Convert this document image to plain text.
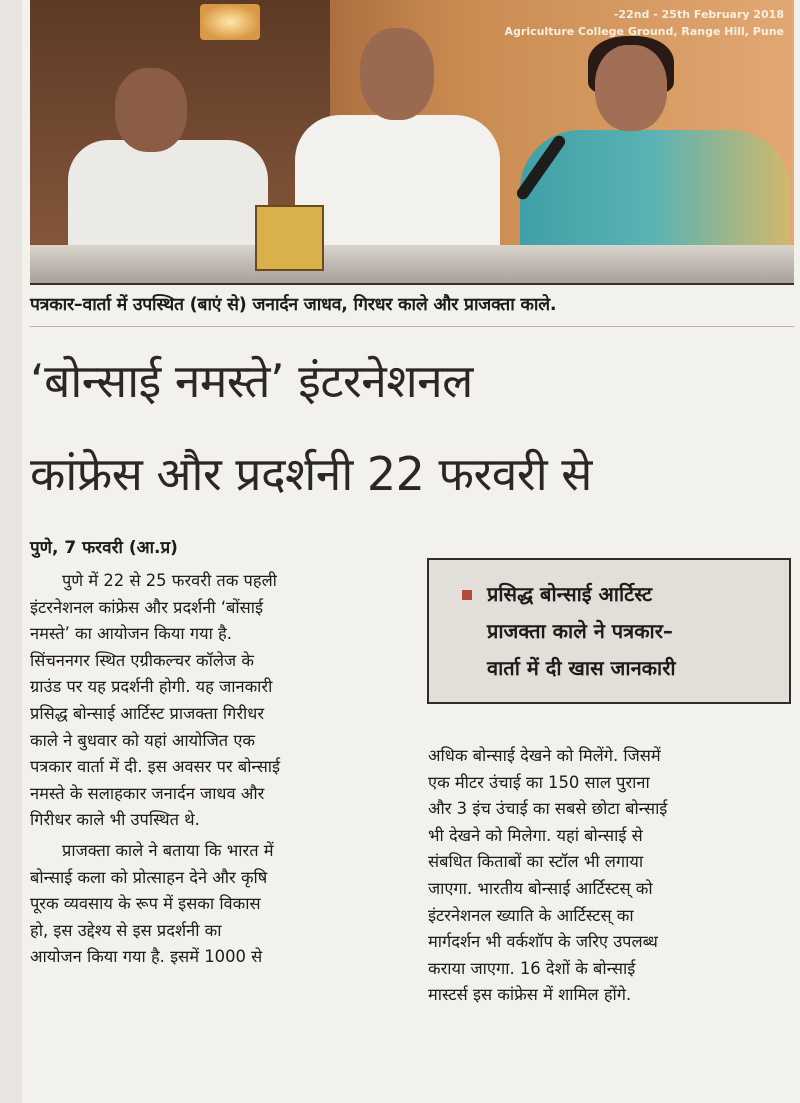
-22nd - 25th February 2018
Agriculture College Ground, Range Hill, Pune
पत्रकार–वार्ता में उपस्थित (बाएं से) जनार्दन जाधव, गिरधर काले और प्राजक्ता काले.
‘बोन्साई नमस्ते’ इंटरनेशनल
कांफ्रेस और प्रदर्शनी 22 फरवरी से
पुणे, 7 फरवरी (आ.प्र)
पुणे में 22 से 25 फरवरी तक पहली
इंटरनेशनल कांफ्रेस और प्रदर्शनी ‘बोंसाई
नमस्ते’ का आयोजन किया गया है.
सिंचननगर स्थित एग्रीकल्चर कॉलेज के
ग्राउंड पर यह प्रदर्शनी होगी. यह जानकारी
प्रसिद्ध बोन्साई आर्टिस्ट प्राजक्ता गिरीधर
काले ने बुधवार को यहां आयोजित एक
पत्रकार वार्ता में दी. इस अवसर पर बोन्साई
नमस्ते के सलाहकार जनार्दन जाधव और
गिरीधर काले भी उपस्थित थे.
प्राजक्ता काले ने बताया कि भारत में
बोन्साई कला को प्रोत्साहन देने और कृषि
पूरक व्यवसाय के रूप में इसका विकास
हो, इस उद्देश्य से इस प्रदर्शनी का
आयोजन किया गया है. इसमें 1000 से
प्रसिद्ध बोन्साई आर्टिस्ट
प्राजक्ता काले ने पत्रकार–
वार्ता में दी खास जानकारी
अधिक बोन्साई देखने को मिलेंगे. जिसमें
एक मीटर उंचाई का 150 साल पुराना
और 3 इंच उंचाई का सबसे छोटा बोन्साई
भी देखने को मिलेगा. यहां बोन्साई से
संबधित किताबों का स्टॉल भी लगाया
जाएगा. भारतीय बोन्साई आर्टिस्टस् को
इंटरनेशनल ख्याति के आर्टिस्टस् का
मार्गदर्शन भी वर्कशॉप के जरिए उपलब्ध
कराया जाएगा. 16 देशों के बोन्साई
मास्टर्स इस कांफ्रेस में शामिल होंगे.
